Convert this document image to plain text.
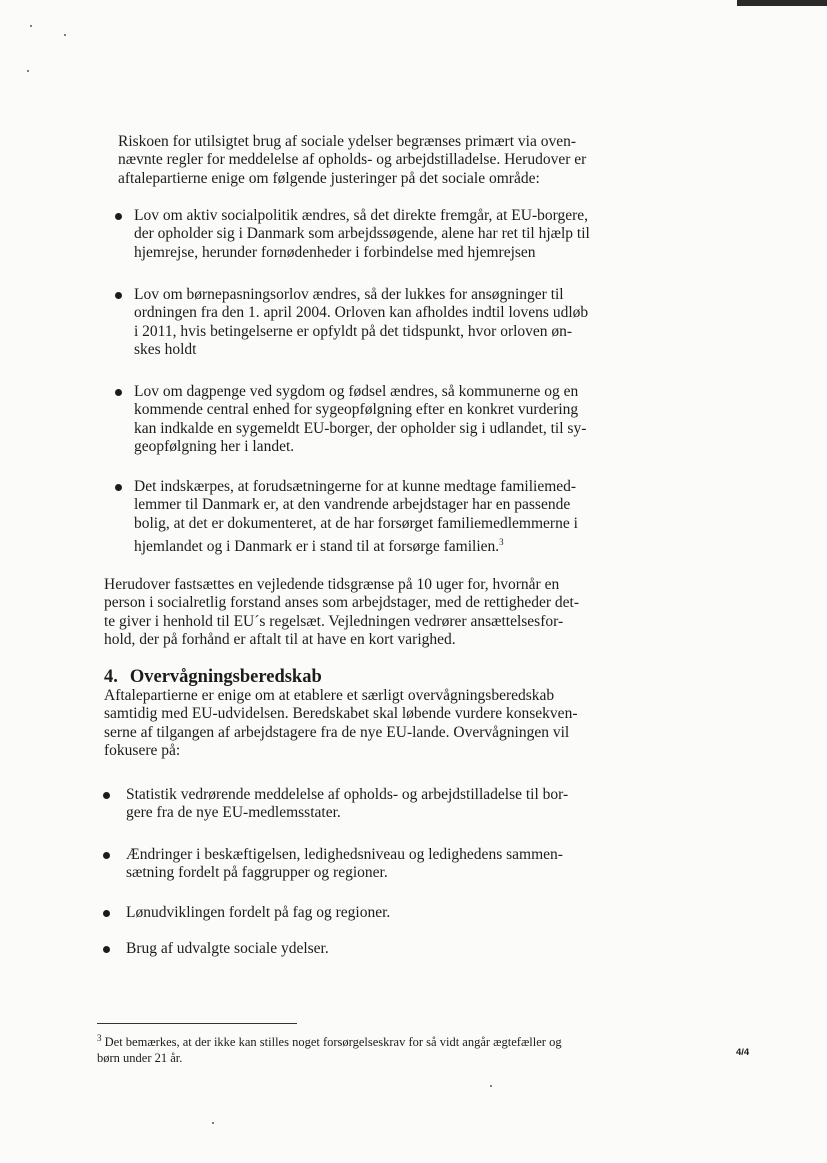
Riskoen for utilsigtet brug af sociale ydelser begrænses primært via oven-
nævnte regler for meddelelse af opholds- og arbejdstilladelse. Herudover er
aftalepartierne enige om følgende justeringer på det sociale område:
Lov om aktiv socialpolitik ændres, så det direkte fremgår, at EU-borgere,
der opholder sig i Danmark som arbejdssøgende, alene har ret til hjælp til
hjemrejse, herunder fornødenheder i forbindelse med hjemrejsen
Lov om børnepasningsorlov ændres, så der lukkes for ansøgninger til
ordningen fra den 1. april 2004. Orloven kan afholdes indtil lovens udløb
i 2011, hvis betingelserne er opfyldt på det tidspunkt, hvor orloven øn-
skes holdt
Lov om dagpenge ved sygdom og fødsel ændres, så kommunerne og en
kommende central enhed for sygeopfølgning efter en konkret vurdering
kan indkalde en sygemeldt EU-borger, der opholder sig i udlandet, til sy-
geopfølgning her i landet.
Det indskærpes, at forudsætningerne for at kunne medtage familiemed-
lemmer til Danmark er, at den vandrende arbejdstager har en passende
bolig, at det er dokumenteret, at de har forsørget familiemedlemmerne i
hjemlandet og i Danmark er i stand til at forsørge familien.$^3$
Herudover fastsættes en vejledende tidsgrænse på 10 uger for, hvornår en
person i socialretlig forstand anses som arbejdstager, med de rettigheder det-
te giver i henhold til EU´s regelsæt. Vejledningen vedrører ansættelsesfor-
hold, der på forhånd er aftalt til at have en kort varighed.
4. Overvågningsberedskab
Aftalepartierne er enige om at etablere et særligt overvågningsberedskab
samtidig med EU-udvidelsen. Beredskabet skal løbende vurdere konsekven-
serne af tilgangen af arbejdstagere fra de nye EU-lande. Overvågningen vil
fokusere på:
Statistik vedrørende meddelelse af opholds- og arbejdstilladelse til bor-
gere fra de nye EU-medlemsstater.
Ændringer i beskæftigelsen, ledighedsniveau og ledighedens sammen-
sætning fordelt på faggrupper og regioner.
Lønudviklingen fordelt på fag og regioner.
Brug af udvalgte sociale ydelser.
$^3$ Det bemærkes, at der ikke kan stilles noget forsørgelseskrav for så vidt angår ægtefæller og
børn under 21 år.	4/4
